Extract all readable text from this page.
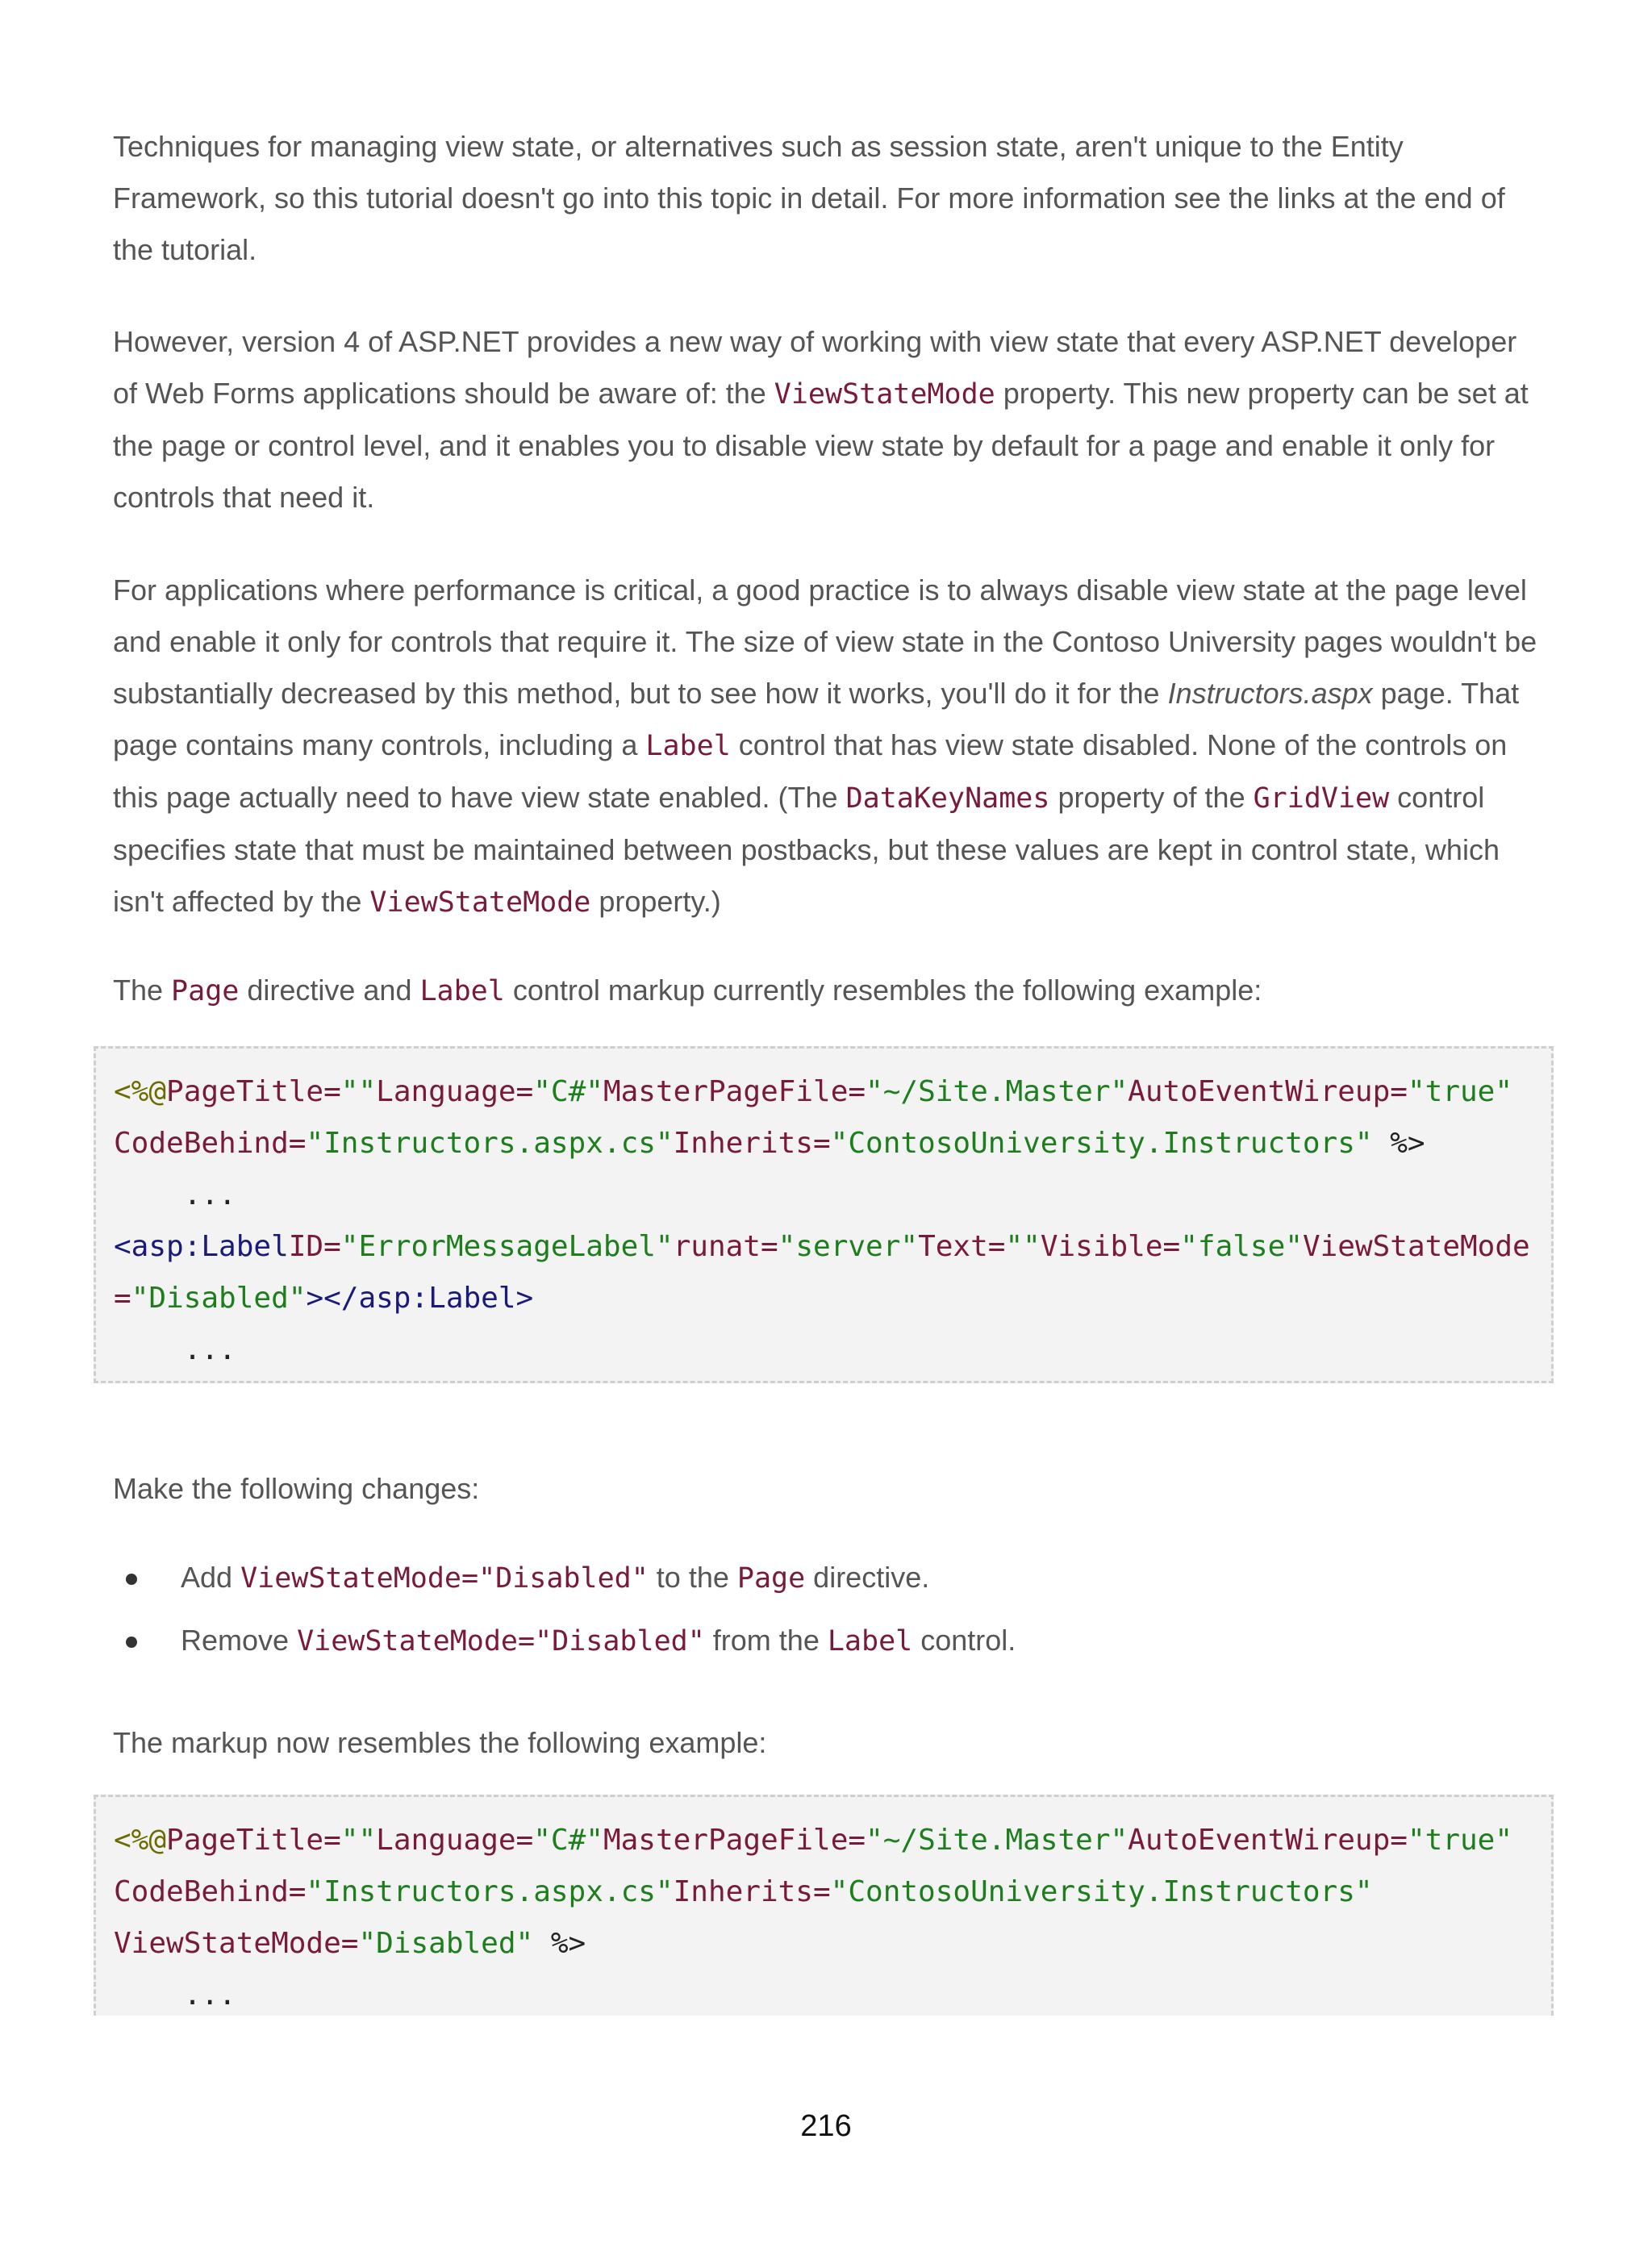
Techniques for managing view state, or alternatives such as session state, aren't unique to the Entity Framework, so this tutorial doesn't go into this topic in detail. For more information see the links at the end of the tutorial.

However, version 4 of ASP.NET provides a new way of working with view state that every ASP.NET developer of Web Forms applications should be aware of: the ViewStateMode property. This new property can be set at the page or control level, and it enables you to disable view state by default for a page and enable it only for controls that need it.

For applications where performance is critical, a good practice is to always disable view state at the page level and enable it only for controls that require it. The size of view state in the Contoso University pages wouldn't be substantially decreased by this method, but to see how it works, you'll do it for the Instructors.aspx page. That page contains many controls, including a Label control that has view state disabled. None of the controls on this page actually need to have view state enabled. (The DataKeyNames property of the GridView control specifies state that must be maintained between postbacks, but these values are kept in control state, which isn't affected by the ViewStateMode property.)

The Page directive and Label control markup currently resembles the following example:

<%@PageTitle=""Language="C#"MasterPageFile="~/Site.Master"AutoEventWireup="true"
CodeBehind="Instructors.aspx.cs"Inherits="ContosoUniversity.Instructors" %>
...
<asp:LabelID="ErrorMessageLabel"runat="server"Text=""Visible="false"ViewStateMode="Disabled"></asp:Label>
...

Make the following changes:

Add ViewStateMode="Disabled" to the Page directive.
Remove ViewStateMode="Disabled" from the Label control.

The markup now resembles the following example:

<%@PageTitle=""Language="C#"MasterPageFile="~/Site.Master"AutoEventWireup="true"
CodeBehind="Instructors.aspx.cs"Inherits="ContosoUniversity.Instructors"
ViewStateMode="Disabled" %>
...
216
